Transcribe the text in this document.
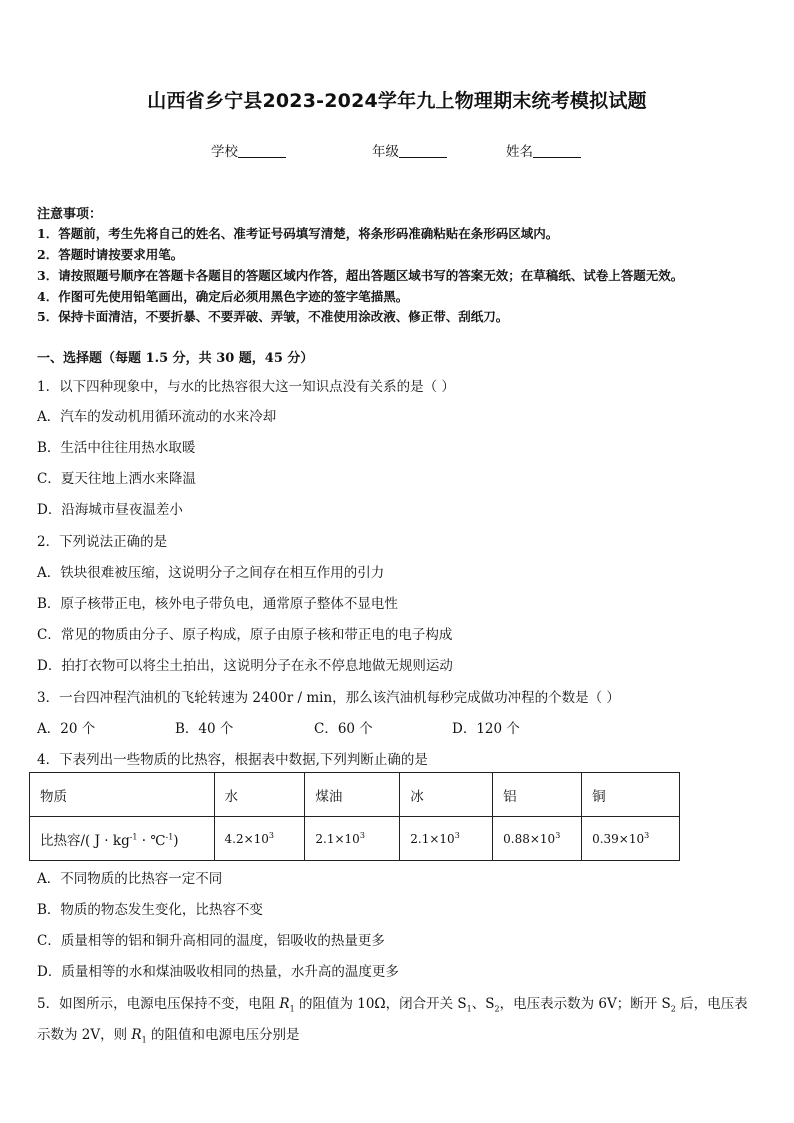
山西省乡宁县2023-2024学年九上物理期末统考模拟试题
学校	年级	姓名
注意事项：
1．答题前，考生先将自己的姓名、准考证号码填写清楚，将条形码准确粘贴在条形码区域内。
2．答题时请按要求用笔。
3．请按照题号顺序在答题卡各题目的答题区域内作答，超出答题区域书写的答案无效；在草稿纸、试卷上答题无效。
4．作图可先使用铅笔画出，确定后必须用黑色字迹的签字笔描黑。
5．保持卡面清洁，不要折暴、不要弄破、弄皱，不准使用涂改液、修正带、刮纸刀。
一、选择题（每题 1.5 分，共 30 题，45 分）
1．以下四种现象中，与水的比热容很大这一知识点没有关系的是（ ）
A．汽车的发动机用循环流动的水来冷却
B．生活中往往用热水取暖
C．夏天往地上洒水来降温
D．沿海城市昼夜温差小
2．下列说法正确的是
A．铁块很难被压缩，这说明分子之间存在相互作用的引力
B．原子核带正电，核外电子带负电，通常原子整体不显电性
C．常见的物质由分子、原子构成，原子由原子核和带正电的电子构成
D．拍打衣物可以将尘土拍出，这说明分子在永不停息地做无规则运动
3．一台四冲程汽油机的飞轮转速为 2400r / min，那么该汽油机每秒完成做功冲程的个数是（ ）
A．20 个	B．40 个	C．60 个	D．120 个
4．下表列出一些物质的比热容，根据表中数据,下列判断止确的是
物质	水	煤油	冰	铝	铜
比热容/( $J \cdot kg^{-1}$ · ℃$^{-1}$)	$4.2\times 10^3$	$2.1\times 10^3$	$2.1\times 10^3$	$0.88\times 10^3$	$0.39\times 10^3$
A．不同物质的比热容一定不同
B．物质的物态发生变化，比热容不变
C．质量相等的铝和铜升高相同的温度，铝吸收的热量更多
D．质量相等的水和煤油吸收相同的热量，水升高的温度更多
5．如图所示，电源电压保持不变，电阻 $R_1$ 的阻值为 10Ω，闭合开关 $S_1$、$S_2$，电压表示数为 6V；断开 $S_2$ 后，电压表
示数为 2V，则 $R_1$ 的阻值和电源电压分别是
